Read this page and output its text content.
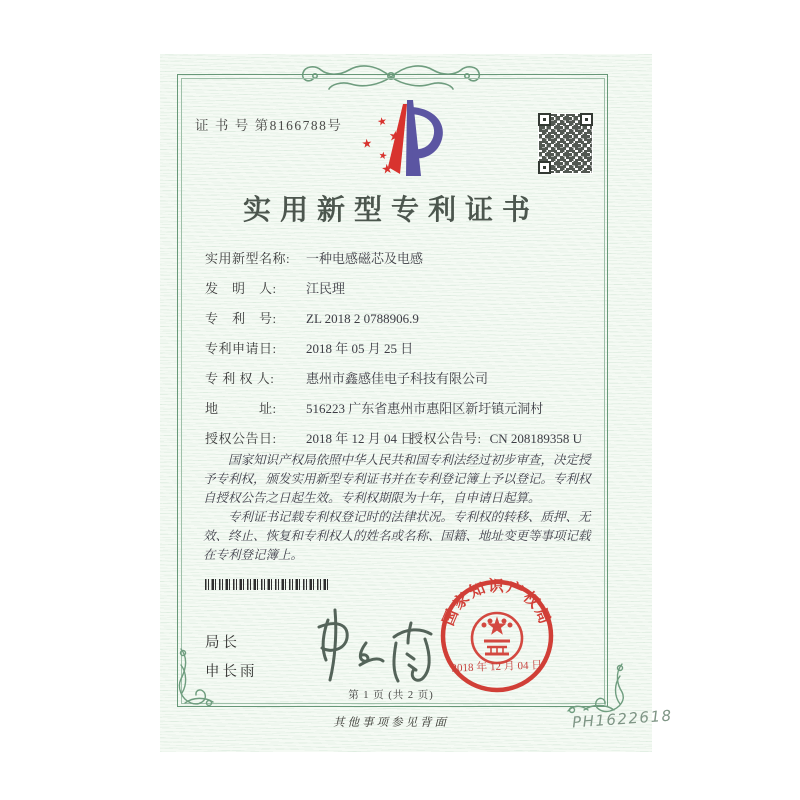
证 书 号 第8166788号	★
★
★
★
★
实用新型专利证书
实用新型名称: 一种电感磁芯及电感
发　明　人: 江民理
专　利　号: ZL 2018 2 0788906.9
专利申请日: 2018 年 05 月 25 日
专 利 权 人: 惠州市鑫感佳电子科技有限公司
地　　　址: 516223 广东省惠州市惠阳区新圩镇元洞村
授权公告日: 2018 年 12 月 04 日
授权公告号: CN 208189358 U

国家知识产权局依照中华人民共和国专利法经过初步审查，决定授予专利权，颁发实用新型专利证书并在专利登记簿上予以登记。专利权自授权公告之日起生效。专利权期限为十年，自申请日起算。

专利证书记载专利权登记时的法律状况。专利权的转移、质押、无效、终止、恢复和专利权人的姓名或名称、国籍、地址变更等事项记载在专利登记簿上。

局长
申长雨
国家知识产权局
2018 年 12 月 04 日
第 1 页 (共 2 页)
其他事项参见背面	PH1622618
